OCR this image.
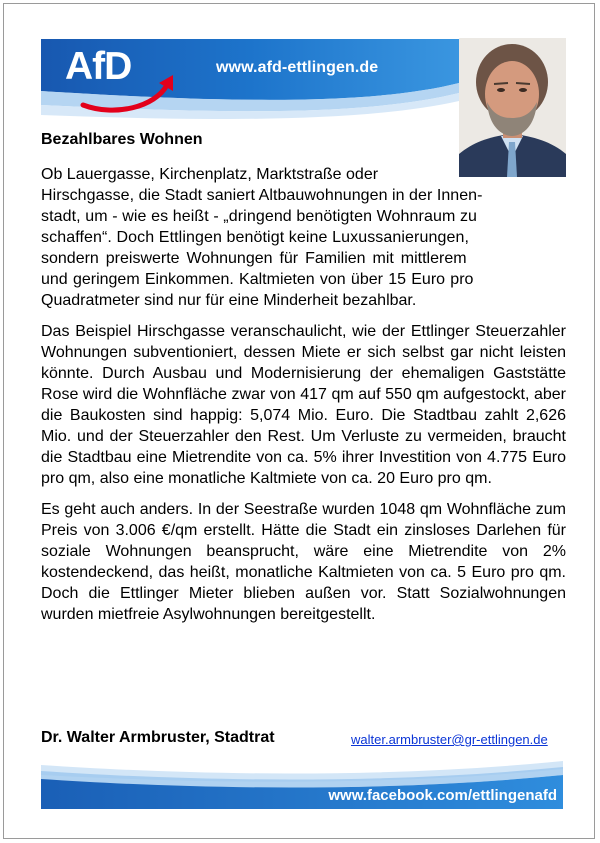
AfD	www.afd-ettlingen.de
Bezahlbares Wohnen
Ob Lauergasse, Kirchenplatz, Marktstraße oder
Hirschgasse, die Stadt saniert Altbauwohnungen in der Innen-
stadt, um - wie es heißt - „dringend benötigten Wohnraum zu
schaffen“. Doch Ettlingen benötigt keine Luxussanierungen,
sondern preiswerte Wohnungen für Familien mit mittlerem
und geringem Einkommen. Kaltmieten von über 15 Euro pro
Quadratmeter sind nur für eine Minderheit bezahlbar.

Das Beispiel Hirschgasse veranschaulicht, wie der Ettlinger Steuerzahler Wohnungen subventioniert, dessen Miete er sich selbst gar nicht leisten könnte. Durch Ausbau und Modernisierung der ehemaligen Gaststätte Rose wird die Wohnfläche zwar von 417 qm auf 550 qm aufgestockt, aber die Baukosten sind happig: 5,074 Mio. Euro. Die Stadtbau zahlt 2,626 Mio. und der Steuerzahler den Rest. Um Verluste zu vermeiden, braucht die Stadtbau eine Mietrendite von ca. 5% ihrer Investition von 4.775 Euro pro qm, also eine monatliche Kaltmiete von ca. 20 Euro pro qm.

Es geht auch anders. In der Seestraße wurden 1048 qm Wohnfläche zum Preis von 3.006 €/qm erstellt. Hätte die Stadt ein zinsloses Darlehen für soziale Wohnungen beansprucht, wäre eine Mietrendite von 2% kostendeckend, das heißt, monatliche Kaltmieten von ca. 5 Euro pro qm. Doch die Ettlinger Mieter blieben außen vor. Statt Sozialwohnungen wurden mietfreie Asylwohnungen bereitgestellt.

Dr. Walter Armbruster, Stadtrat	walter.armbruster@gr-ettlingen.de
www.facebook.com/ettlingenafd
